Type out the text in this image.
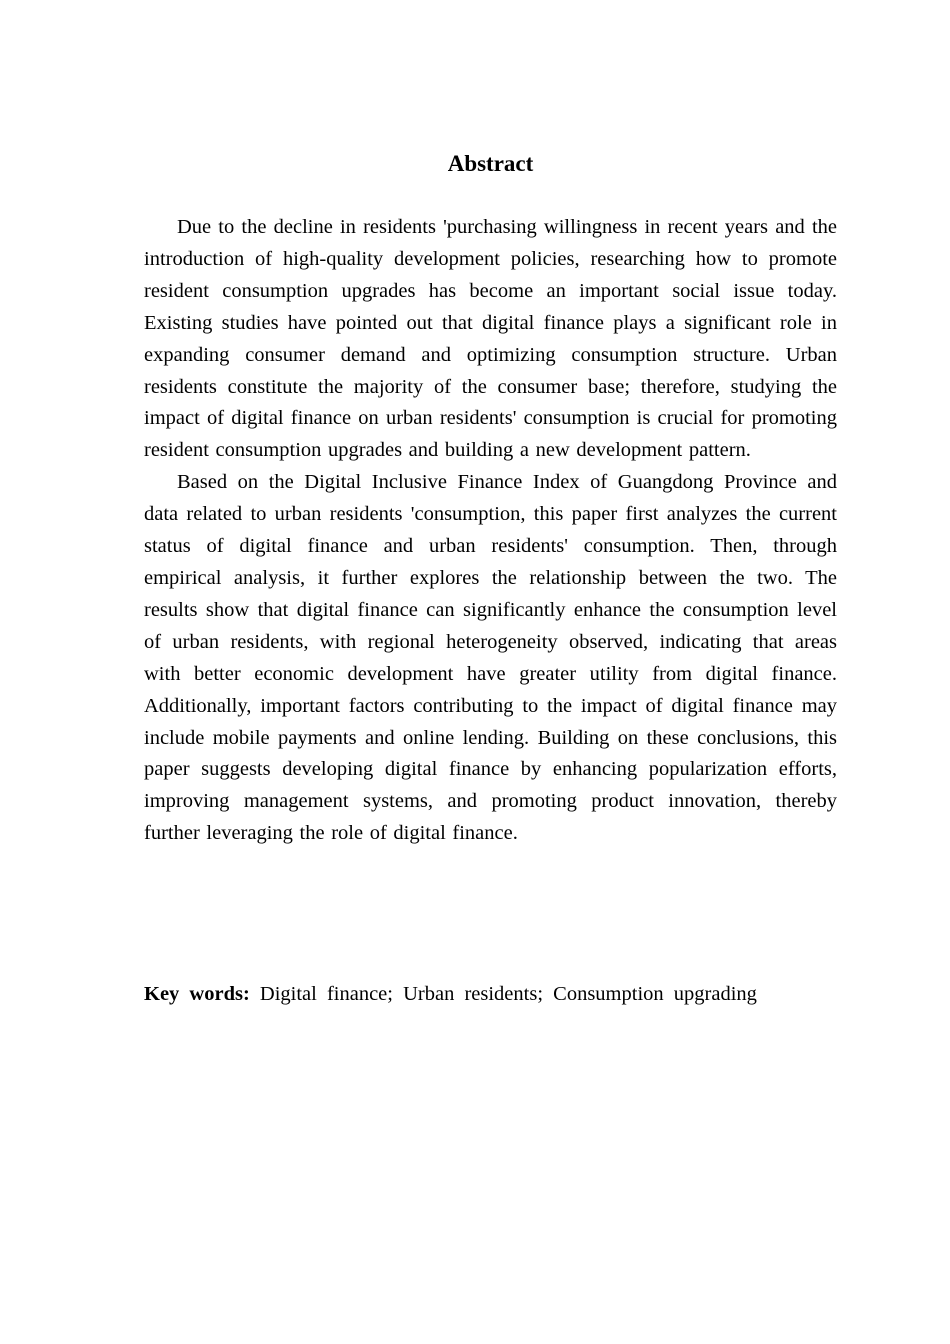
Abstract

Due to the decline in residents 'purchasing willingness in recent years and the introduction of high-quality development policies, researching how to promote resident consumption upgrades has become an important social issue today. Existing studies have pointed out that digital finance plays a significant role in expanding consumer demand and optimizing consumption structure. Urban residents constitute the majority of the consumer base; therefore, studying the impact of digital finance on urban residents' consumption is crucial for promoting resident consumption upgrades and building a new development pattern.

Based on the Digital Inclusive Finance Index of Guangdong Province and data related to urban residents 'consumption, this paper first analyzes the current status of digital finance and urban residents' consumption. Then, through empirical analysis, it further explores the relationship between the two. The results show that digital finance can significantly enhance the consumption level of urban residents, with regional heterogeneity observed, indicating that areas with better economic development have greater utility from digital finance. Additionally, important factors contributing to the impact of digital finance may include mobile payments and online lending. Building on these conclusions, this paper suggests developing digital finance by enhancing popularization efforts, improving management systems, and promoting product innovation, thereby further leveraging the role of digital finance.

Key words: Digital finance; Urban residents; Consumption upgrading
